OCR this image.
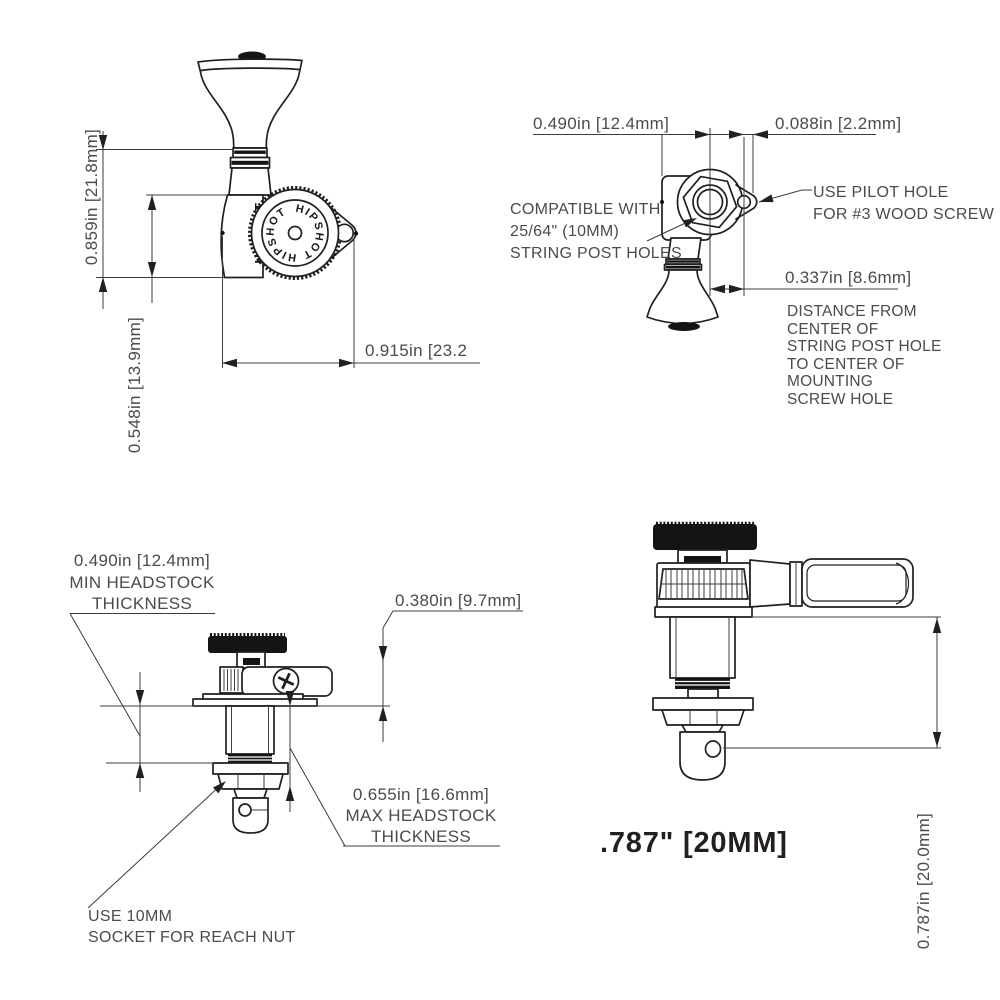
HIPSHOT HIPSHOT
0.859in [21.8mm]
0.548in [13.9mm]	0.915in [23.2
0.490in [12.4mm]	0.088in [2.2mm]
0.337in [8.6mm]
COMPATIBLE WITH
25/64" (10MM)
STRING POST HOLES
USE PILOT HOLE
FOR #3 WOOD SCREW
DISTANCE FROM
CENTER OF
STRING POST HOLE
TO CENTER OF
MOUNTING
SCREW HOLE
0.490in [12.4mm]
MIN HEADSTOCK
THICKNESS	0.380in [9.7mm]
0.655in [16.6mm]
MAX HEADSTOCK
THICKNESS
USE 10MM
SOCKET FOR REACH NUT
.787" [20MM]	0.787in [20.0mm]
